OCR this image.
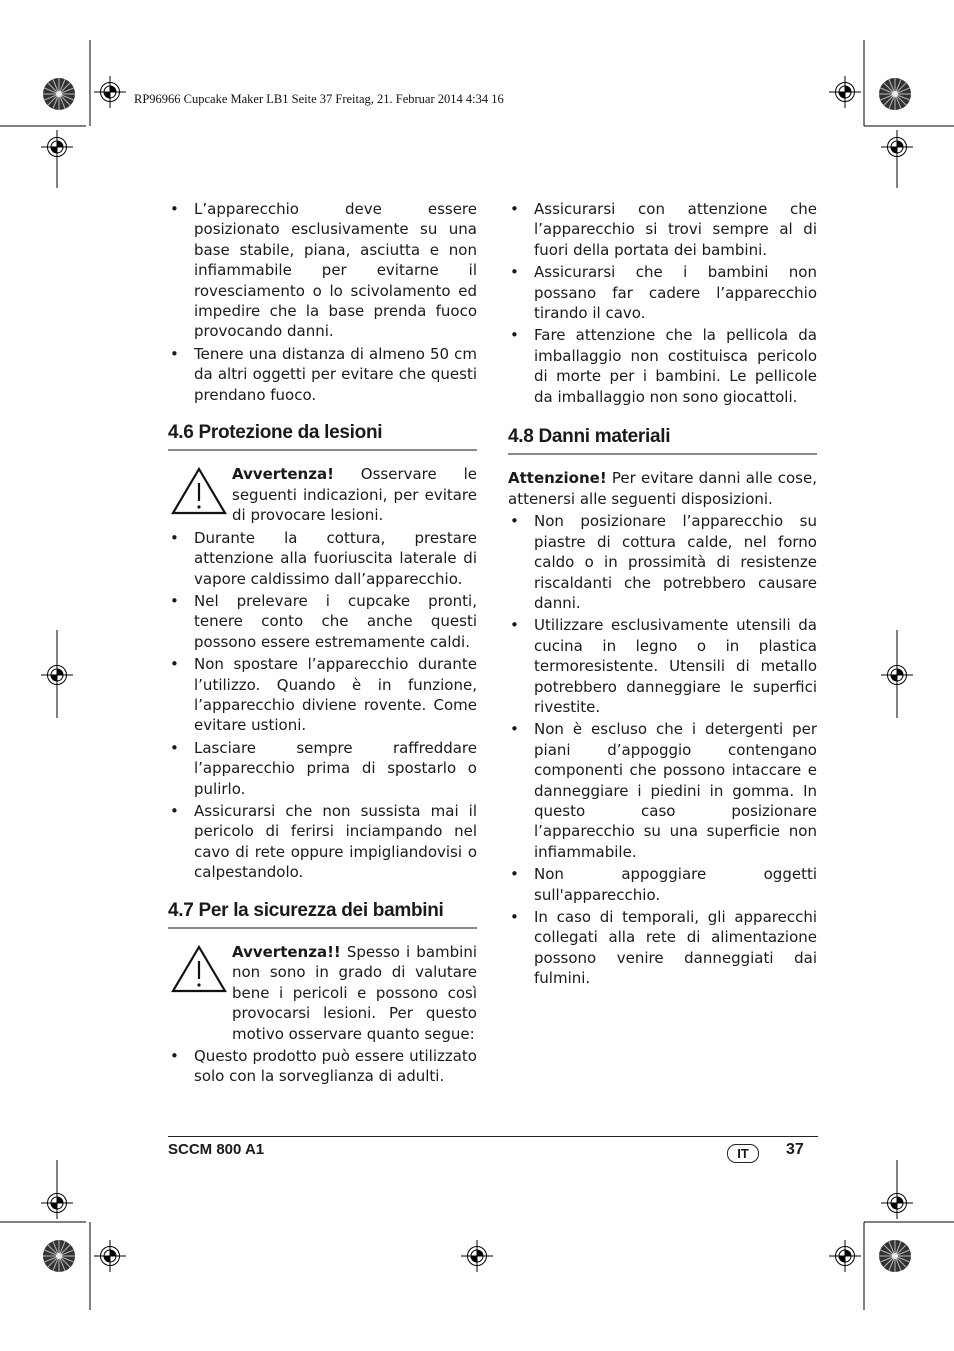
RP96966 Cupcake Maker LB1 Seite 37 Freitag, 21. Februar 2014 4:34 16
• L’apparecchio deve essere posizionato esclusivamente su una base stabile, piana, asciutta e non infiammabile per evitarne il rovesciamento o lo scivolamento ed impedire che la base prenda fuoco provocando danni.
• Tenere una distanza di almeno 50 cm da altri oggetti per evitare che questi prendano fuoco.
4.6 Protezione da lesioni
Avvertenza! Osservare le seguenti indicazioni, per evitare di provocare lesioni.
• Durante la cottura, prestare attenzione alla fuoriuscita laterale di vapore caldissimo dall’apparecchio.
• Nel prelevare i cupcake pronti, tenere conto che anche questi possono essere estremamente caldi.
• Non spostare l’apparecchio durante l’utilizzo. Quando è in funzione, l’apparecchio diviene rovente. Come evitare ustioni.
• Lasciare sempre raffreddare l’apparecchio prima di spostarlo o pulirlo.
• Assicurarsi che non sussista mai il pericolo di ferirsi inciampando nel cavo di rete oppure impigliandovisi o calpestandolo.
4.7 Per la sicurezza dei bambini
Avvertenza!! Spesso i bambini non sono in grado di valutare bene i pericoli e possono così provocarsi lesioni. Per questo motivo osservare quanto segue:
• Questo prodotto può essere utilizzato solo con la sorveglianza di adulti.
• Assicurarsi con attenzione che l’apparecchio si trovi sempre al di fuori della portata dei bambini.
• Assicurarsi che i bambini non possano far cadere l’apparecchio tirando il cavo.
• Fare attenzione che la pellicola da imballaggio non costituisca pericolo di morte per i bambini. Le pellicole da imballaggio non sono giocattoli.
4.8 Danni materiali
Attenzione! Per evitare danni alle cose, attenersi alle seguenti disposizioni.
• Non posizionare l’apparecchio su piastre di cottura calde, nel forno caldo o in prossimità di resistenze riscaldanti che potrebbero causare danni.
• Utilizzare esclusivamente utensili da cucina in legno o in plastica termoresistente. Utensili di metallo potrebbero danneggiare le superfici rivestite.
• Non è escluso che i detergenti per piani d’appoggio contengano componenti che possono intaccare e danneggiare i piedini in gomma. In questo caso posizionare l’apparecchio su una superficie non infiammabile.
• Non appoggiare oggetti sull'apparecchio.
• In caso di temporali, gli apparecchi collegati alla rete di alimentazione possono venire danneggiati dai fulmini.
SCCM 800 A1	IT	37
